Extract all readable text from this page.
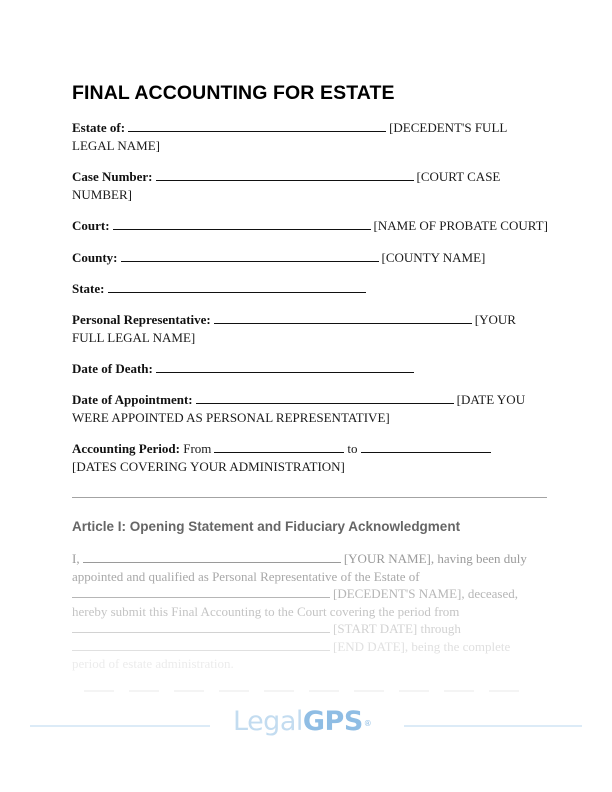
FINAL ACCOUNTING FOR ESTATE
Estate of:	[DECEDENT'S FULL
LEGAL NAME]
Case Number:	[COURT CASE
NUMBER]
Court:	[NAME OF PROBATE COURT]
County:	[COUNTY NAME]
State:
Personal Representative:	[YOUR
FULL LEGAL NAME]
Date of Death:
Date of Appointment:	[DATE YOU
WERE APPOINTED AS PERSONAL REPRESENTATIVE]
Accounting Period: From	to
[DATES COVERING YOUR ADMINISTRATION]
Article I: Opening Statement and Fiduciary Acknowledgment
I,	[YOUR NAME], having been duly
appointed and qualified as Personal Representative of the Estate of
[DECEDENT'S NAME], deceased,
hereby submit this Final Accounting to the Court covering the period from
[START DATE] through
[END DATE], being the complete
period of estate administration.
LegalGPS®
